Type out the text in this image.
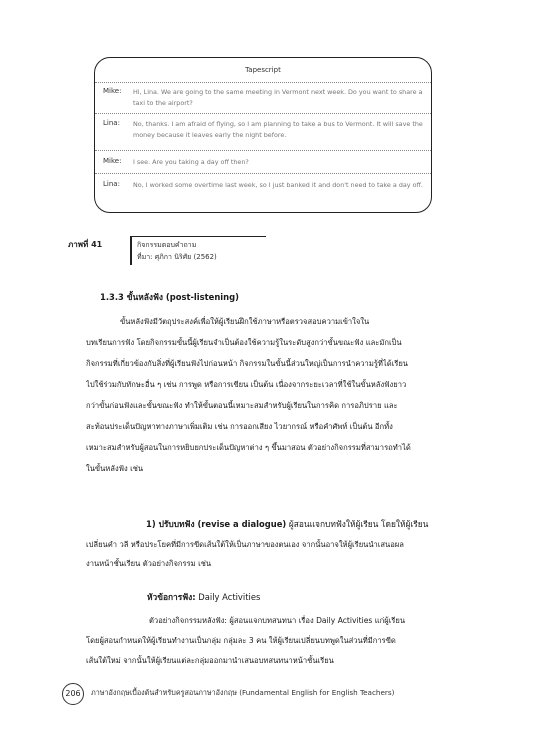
Tapescript
Mike: Hi, Lina. We are going to the same meeting in Vermont next week. Do you want to share a taxi to the airport?
Lina: No, thanks. I am afraid of flying, so I am planning to take a bus to Vermont. It will save the money because it leaves early the night before.
Mike: I see. Are you taking a day off then?
Lina: No, I worked some overtime last week, so I just banked it and don't need to take a day off.
ภาพที่ 41	กิจกรรมตอบคำถาม
ที่มา: ศุภิกา นิริศัย (2562)
1.3.3 ขั้นหลังฟัง (post-listening)
ขั้นหลังฟังมีวัตถุประสงค์เพื่อให้ผู้เรียนฝึกใช้ภาษาหรือตรวจสอบความเข้าใจใน
บทเรียนการฟัง โดยกิจกรรมขั้นนี้ผู้เรียนจำเป็นต้องใช้ความรู้ในระดับสูงกว่าขั้นขณะฟัง และมักเป็น
กิจกรรมที่เกี่ยวข้องกับสิ่งที่ผู้เรียนฟังไปก่อนหน้า กิจกรรมในขั้นนี้ส่วนใหญ่เป็นการนำความรู้ที่ได้เรียน
ไปใช้ร่วมกับทักษะอื่น ๆ เช่น การพูด หรือการเขียน เป็นต้น เนื่องจากระยะเวลาที่ใช้ในขั้นหลังฟังยาว
กว่าขั้นก่อนฟังและขั้นขณะฟัง ทำให้ขั้นตอนนี้เหมาะสมสำหรับผู้เรียนในการคิด การอภิปราย และ
สะท้อนประเด็นปัญหาทางภาษาเพิ่มเติม เช่น การออกเสียง ไวยากรณ์ หรือคำศัพท์ เป็นต้น อีกทั้ง
เหมาะสมสำหรับผู้สอนในการหยิบยกประเด็นปัญหาต่าง ๆ ขึ้นมาสอน ตัวอย่างกิจกรรมที่สามารถทำได้
ในขั้นหลังฟัง เช่น
1) ปรับบทฟัง (revise a dialogue) ผู้สอนแจกบทฟังให้ผู้เรียน โดยให้ผู้เรียน
เปลี่ยนคำ วลี หรือประโยคที่มีการขีดเส้นใต้ให้เป็นภาษาของตนเอง จากนั้นอาจให้ผู้เรียนนำเสนอผล
งานหน้าชั้นเรียน ตัวอย่างกิจกรรม เช่น
หัวข้อการฟัง: Daily Activities
ตัวอย่างกิจกรรมหลังฟัง: ผู้สอนแจกบทสนทนา เรื่อง Daily Activities แก่ผู้เรียน
โดยผู้สอนกำหนดให้ผู้เรียนทำงานเป็นกลุ่ม กลุ่มละ 3 คน ให้ผู้เรียนเปลี่ยนบทพูดในส่วนที่มีการขีด
เส้นใต้ใหม่ จากนั้นให้ผู้เรียนแต่ละกลุ่มออกมานำเสนอบทสนทนาหน้าชั้นเรียน
206	ภาษาอังกฤษเบื้องต้นสำหรับครูสอนภาษาอังกฤษ (Fundamental English for English Teachers)
